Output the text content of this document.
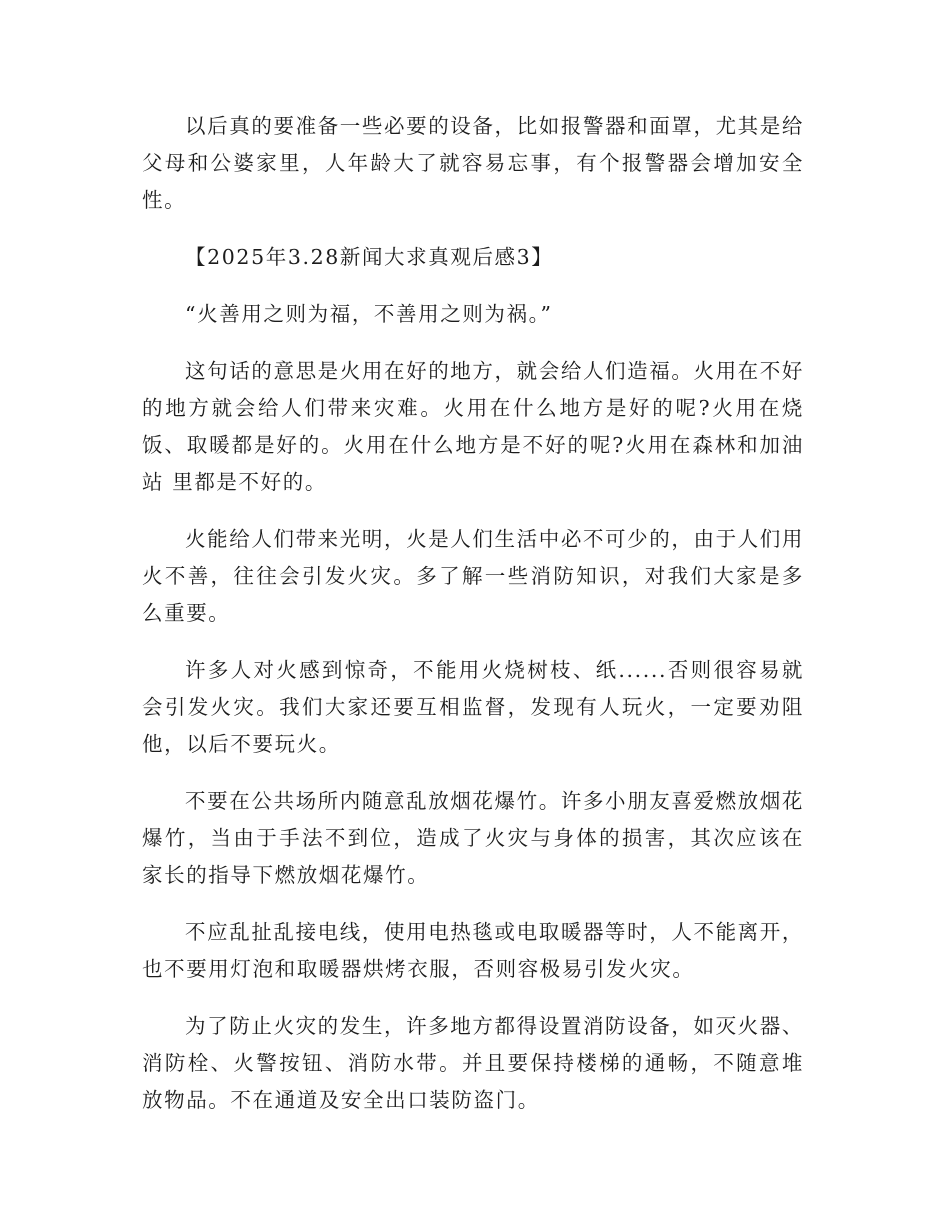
以后真的要准备一些必要的设备，比如报警器和面罩，尤其是给父母和公婆家里，人年龄大了就容易忘事，有个报警器会增加安全性。

【2025年3.28新闻大求真观后感3】

“火善用之则为福，不善用之则为祸。”

这句话的意思是火用在好的地方，就会给人们造福。火用在不好的地方就会给人们带来灾难。火用在什么地方是好的呢?火用在烧饭、取暖都是好的。火用在什么地方是不好的呢?火用在森林和加油站 里都是不好的。

火能给人们带来光明，火是人们生活中必不可少的，由于人们用火不善，往往会引发火灾。多了解一些消防知识，对我们大家是多么重要。

许多人对火感到惊奇，不能用火烧树枝、纸......否则很容易就会引发火灾。我们大家还要互相监督，发现有人玩火，一定要劝阻他，以后不要玩火。

不要在公共场所内随意乱放烟花爆竹。许多小朋友喜爱燃放烟花爆竹，当由于手法不到位，造成了火灾与身体的损害，其次应该在家长的指导下燃放烟花爆竹。

不应乱扯乱接电线，使用电热毯或电取暖器等时，人不能离开，也不要用灯泡和取暖器烘烤衣服，否则容极易引发火灾。

为了防止火灾的发生，许多地方都得设置消防设备，如灭火器、消防栓、火警按钮、消防水带。并且要保持楼梯的通畅，不随意堆放物品。不在通道及安全出口装防盗门。
